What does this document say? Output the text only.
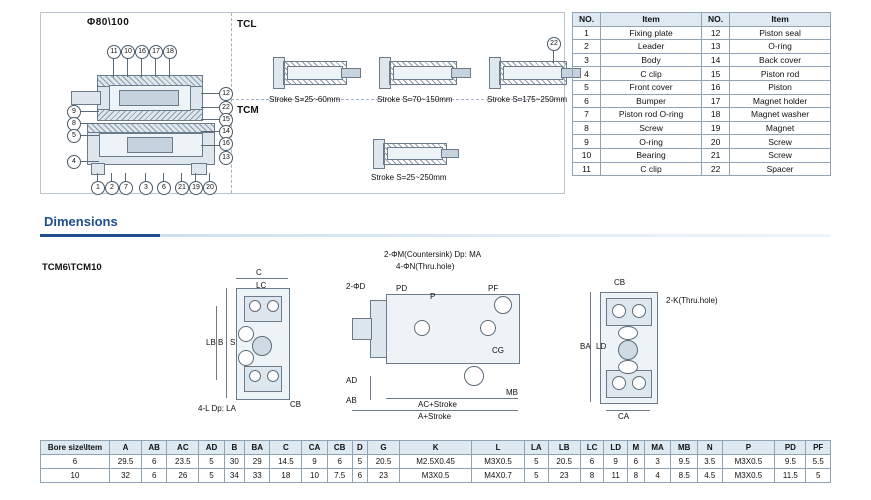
Φ80\100	TCL
TCM
11 10 16 17 18
12
22
15
14
16
13
9
8
5
4
1	2	7	3	6	21 19 20
Stroke S=25~60mm	Stroke S=70~150mm
22
Stroke S=175~250mm
Stroke S=25~250mm
NO.	Item	NO.	Item
1	Fixing plate	12	Piston seal
2	Leader	13	O-ring
3	Body	14	Back cover
4	C clip	15	Piston rod
5	Front cover	16	Piston
6	Bumper	17	Magnet holder
7	Piston rod O-ring	18	Magnet washer
8	Screw	19	Magnet
9	O-ring	20	Screw
10	Bearing	21	Screw
11	C clip	22	Spacer
Dimensions
TCM6\TCM10	C
LC
B S
LB
4-L Dp: LA	CB
2-ΦM(Countersink) Dp: MA
4-ΦN(Thru.hole)
2-ΦD	PD
P
PF
CG
AD
AB	AC+Stroke
A+Stroke
MB
CB
2-K(Thru.hole)
BA LD
CA
Bore size\Item	A	AB	AC	AD	B	BA	C	CA	CB	D	G	K	L	LA	LB	LC	LD	M	MA	MB	N	P	PD	PF
6	29.5	6	23.5	5	30	29	14.5	9	6	5	20.5	M2.5X0.45	M3X0.5	5	20.5	6	9	6	3	9.5	3.5	M3X0.5	9.5	5.5
10	32	6	26	5	34	33	18	10	7.5	6	23	M3X0.5	M4X0.7	5	23	8	11	8	4	8.5	4.5	M3X0.5	11.5	5
